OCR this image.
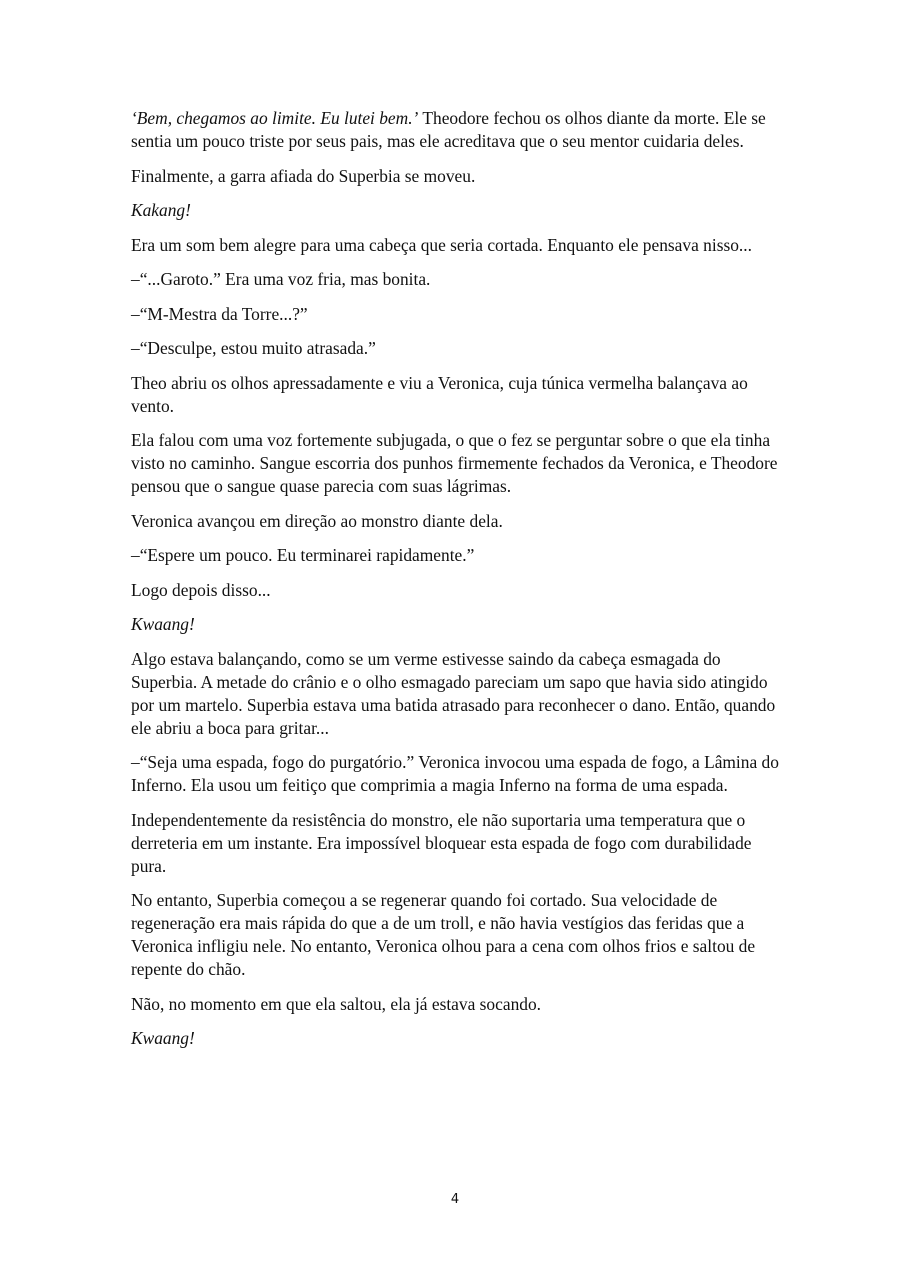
‘Bem, chegamos ao limite. Eu lutei bem.’ Theodore fechou os olhos diante da morte. Ele se sentia um pouco triste por seus pais, mas ele acreditava que o seu mentor cuidaria deles.

Finalmente, a garra afiada do Superbia se moveu.

Kakang!

Era um som bem alegre para uma cabeça que seria cortada. Enquanto ele pensava nisso...

–“...Garoto.” Era uma voz fria, mas bonita.

–“M-Mestra da Torre...?”

–“Desculpe, estou muito atrasada.”

Theo abriu os olhos apressadamente e viu a Veronica, cuja túnica vermelha balançava ao vento.

Ela falou com uma voz fortemente subjugada, o que o fez se perguntar sobre o que ela tinha visto no caminho. Sangue escorria dos punhos firmemente fechados da Veronica, e Theodore pensou que o sangue quase parecia com suas lágrimas.

Veronica avançou em direção ao monstro diante dela.

–“Espere um pouco. Eu terminarei rapidamente.”

Logo depois disso...

Kwaang!

Algo estava balançando, como se um verme estivesse saindo da cabeça esmagada do Superbia. A metade do crânio e o olho esmagado pareciam um sapo que havia sido atingido por um martelo. Superbia estava uma batida atrasado para reconhecer o dano. Então, quando ele abriu a boca para gritar...

–“Seja uma espada, fogo do purgatório.” Veronica invocou uma espada de fogo, a Lâmina do Inferno. Ela usou um feitiço que comprimia a magia Inferno na forma de uma espada.

Independentemente da resistência do monstro, ele não suportaria uma temperatura que o derreteria em um instante. Era impossível bloquear esta espada de fogo com durabilidade pura.

No entanto, Superbia começou a se regenerar quando foi cortado. Sua velocidade de regeneração era mais rápida do que a de um troll, e não havia vestígios das feridas que a Veronica infligiu nele. No entanto, Veronica olhou para a cena com olhos frios e saltou de repente do chão.

Não, no momento em que ela saltou, ela já estava socando.

Kwaang!

4
